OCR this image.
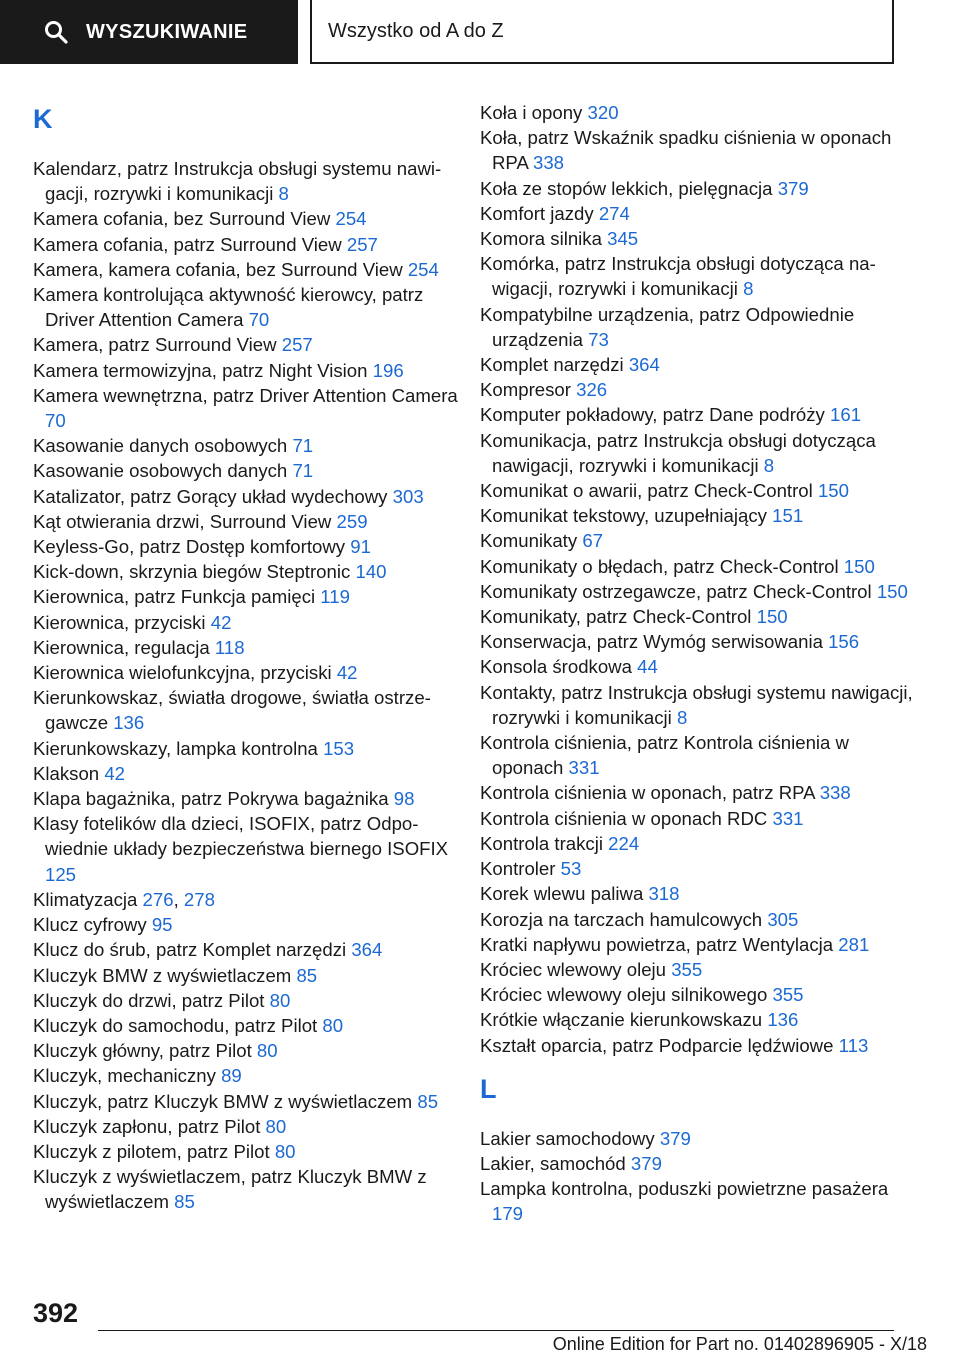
WYSZUKIWANIE	Wszystko od A do Z
K

Kalendarz, patrz Instrukcja obsługi systemu nawigacji, rozrywki i komunikacji 8

Kamera cofania, bez Surround View 254

Kamera cofania, patrz Surround View 257

Kamera, kamera cofania, bez Surround View 254

Kamera kontrolująca aktywność kierowcy, patrz Driver Attention Camera 70

Kamera, patrz Surround View 257

Kamera termowizyjna, patrz Night Vision 196

Kamera wewnętrzna, patrz Driver Attention Camera 70

Kasowanie danych osobowych 71

Kasowanie osobowych danych 71

Katalizator, patrz Gorący układ wydechowy 303

Kąt otwierania drzwi, Surround View 259

Keyless-Go, patrz Dostęp komfortowy 91

Kick-down, skrzynia biegów Steptronic 140

Kierownica, patrz Funkcja pamięci 119

Kierownica, przyciski 42

Kierownica, regulacja 118

Kierownica wielofunkcyjna, przyciski 42

Kierunkowskaz, światła drogowe, światła ostrzegawcze 136

Kierunkowskazy, lampka kontrolna 153

Klakson 42

Klapa bagażnika, patrz Pokrywa bagażnika 98

Klasy fotelików dla dzieci, ISOFIX, patrz Odpowiednie układy bezpieczeństwa biernego ISOFIX 125

Klimatyzacja 276, 278

Klucz cyfrowy 95

Klucz do śrub, patrz Komplet narzędzi 364

Kluczyk BMW z wyświetlaczem 85

Kluczyk do drzwi, patrz Pilot 80

Kluczyk do samochodu, patrz Pilot 80

Kluczyk główny, patrz Pilot 80

Kluczyk, mechaniczny 89

Kluczyk, patrz Kluczyk BMW z wyświetlaczem 85

Kluczyk zapłonu, patrz Pilot 80

Kluczyk z pilotem, patrz Pilot 80

Kluczyk z wyświetlaczem, patrz Kluczyk BMW z wyświetlaczem 85

Koła i opony 320

Koła, patrz Wskaźnik spadku ciśnienia w oponach RPA 338

Koła ze stopów lekkich, pielęgnacja 379

Komfort jazdy 274

Komora silnika 345

Komórka, patrz Instrukcja obsługi dotycząca nawigacji, rozrywki i komunikacji 8

Kompatybilne urządzenia, patrz Odpowiednie urządzenia 73

Komplet narzędzi 364

Kompresor 326

Komputer pokładowy, patrz Dane podróży 161

Komunikacja, patrz Instrukcja obsługi dotycząca nawigacji, rozrywki i komunikacji 8

Komunikat o awarii, patrz Check-Control 150

Komunikat tekstowy, uzupełniający 151

Komunikaty 67

Komunikaty o błędach, patrz Check-Control 150

Komunikaty ostrzegawcze, patrz Check-Control 150

Komunikaty, patrz Check-Control 150

Konserwacja, patrz Wymóg serwisowania 156

Konsola środkowa 44

Kontakty, patrz Instrukcja obsługi systemu nawigacji, rozrywki i komunikacji 8

Kontrola ciśnienia, patrz Kontrola ciśnienia w oponach 331

Kontrola ciśnienia w oponach, patrz RPA 338

Kontrola ciśnienia w oponach RDC 331

Kontrola trakcji 224

Kontroler 53

Korek wlewu paliwa 318

Korozja na tarczach hamulcowych 305

Kratki napływu powietrza, patrz Wentylacja 281

Króciec wlewowy oleju 355

Króciec wlewowy oleju silnikowego 355

Krótkie włączanie kierunkowskazu 136

Kształt oparcia, patrz Podparcie lędźwiowe 113

L

Lakier samochodowy 379

Lakier, samochód 379

Lampka kontrolna, poduszki powietrzne pasażera 179

392
Online Edition for Part no. 01402896905 - X/18
